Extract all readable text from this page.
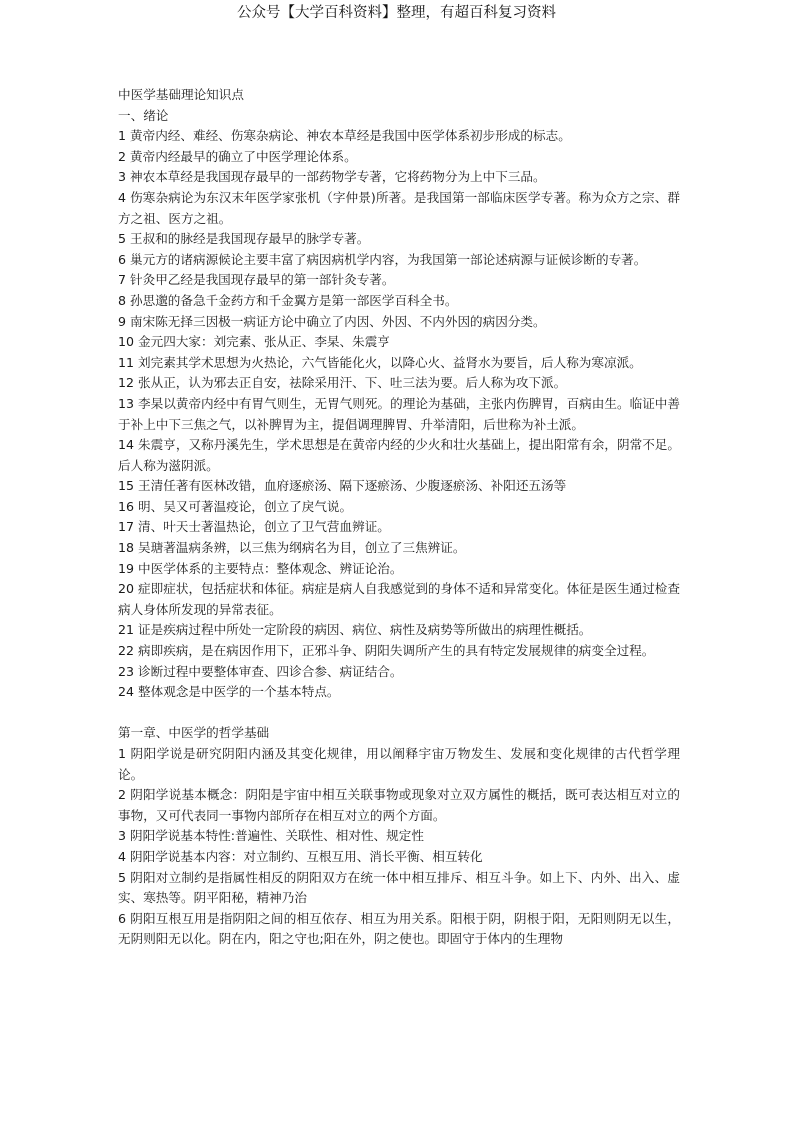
公众号【大学百科资料】整理，有超百科复习资料

中医学基础理论知识点

一、绪论

1 黄帝内经、难经、伤寒杂病论、神农本草经是我国中医学体系初步形成的标志。

2 黄帝内经最早的确立了中医学理论体系。

3 神农本草经是我国现存最早的一部药物学专著，它将药物分为上中下三品。

4 伤寒杂病论为东汉末年医学家张机（字仲景)所著。是我国第一部临床医学专著。称为众方之宗、群方之祖、医方之祖。

5 王叔和的脉经是我国现存最早的脉学专著。

6 巢元方的诸病源候论主要丰富了病因病机学内容，为我国第一部论述病源与证候诊断的专著。

7 针灸甲乙经是我国现存最早的第一部针灸专著。

8 孙思邈的备急千金药方和千金翼方是第一部医学百科全书。

9 南宋陈无择三因极一病证方论中确立了内因、外因、不内外因的病因分类。

10 金元四大家：刘完素、张从正、李杲、朱震亨

11 刘完素其学术思想为火热论，六气皆能化火，以降心火、益肾水为要旨，后人称为寒凉派。

12 张从正，认为邪去正自安，祛除采用汗、下、吐三法为要。后人称为攻下派。

13 李杲以黄帝内经中有胃气则生，无胃气则死。的理论为基础，主张内伤脾胃，百病由生。临证中善于补上中下三焦之气，以补脾胃为主，提倡调理脾胃、升举清阳，后世称为补土派。

14 朱震亨，又称丹溪先生，学术思想是在黄帝内经的少火和壮火基础上，提出阳常有余，阴常不足。后人称为滋阴派。

15 王清任著有医林改错，血府逐瘀汤、隔下逐瘀汤、少腹逐瘀汤、补阳还五汤等

16 明、吴又可著温疫论，创立了戾气说。

17 清、叶天士著温热论，创立了卫气营血辨证。

18 吴瑭著温病条辨，以三焦为纲病名为目，创立了三焦辨证。

19 中医学体系的主要特点：整体观念、辨证论治。

20 症即症状，包括症状和体征。病症是病人自我感觉到的身体不适和异常变化。体征是医生通过检查病人身体所发现的异常表征。

21 证是疾病过程中所处一定阶段的病因、病位、病性及病势等所做出的病理性概括。

22 病即疾病，是在病因作用下，正邪斗争、阴阳失调所产生的具有特定发展规律的病变全过程。

23 诊断过程中要整体审查、四诊合参、病证结合。

24 整体观念是中医学的一个基本特点。

第一章、中医学的哲学基础

1 阴阳学说是研究阴阳内涵及其变化规律，用以阐释宇宙万物发生、发展和变化规律的古代哲学理论。

2 阴阳学说基本概念：阴阳是宇宙中相互关联事物或现象对立双方属性的概括，既可表达相互对立的事物，又可代表同一事物内部所存在相互对立的两个方面。

3 阴阳学说基本特性:普遍性、关联性、相对性、规定性

4 阴阳学说基本内容：对立制约、互根互用、消长平衡、相互转化

5 阴阳对立制约是指属性相反的阴阳双方在统一体中相互排斥、相互斗争。如上下、内外、出入、虚实、寒热等。阴平阳秘，精神乃治

6 阴阳互根互用是指阴阳之间的相互依存、相互为用关系。阳根于阴，阴根于阳，无阳则阴无以生，无阴则阳无以化。阴在内，阳之守也;阳在外，阴之使也。即固守于体内的生理物
